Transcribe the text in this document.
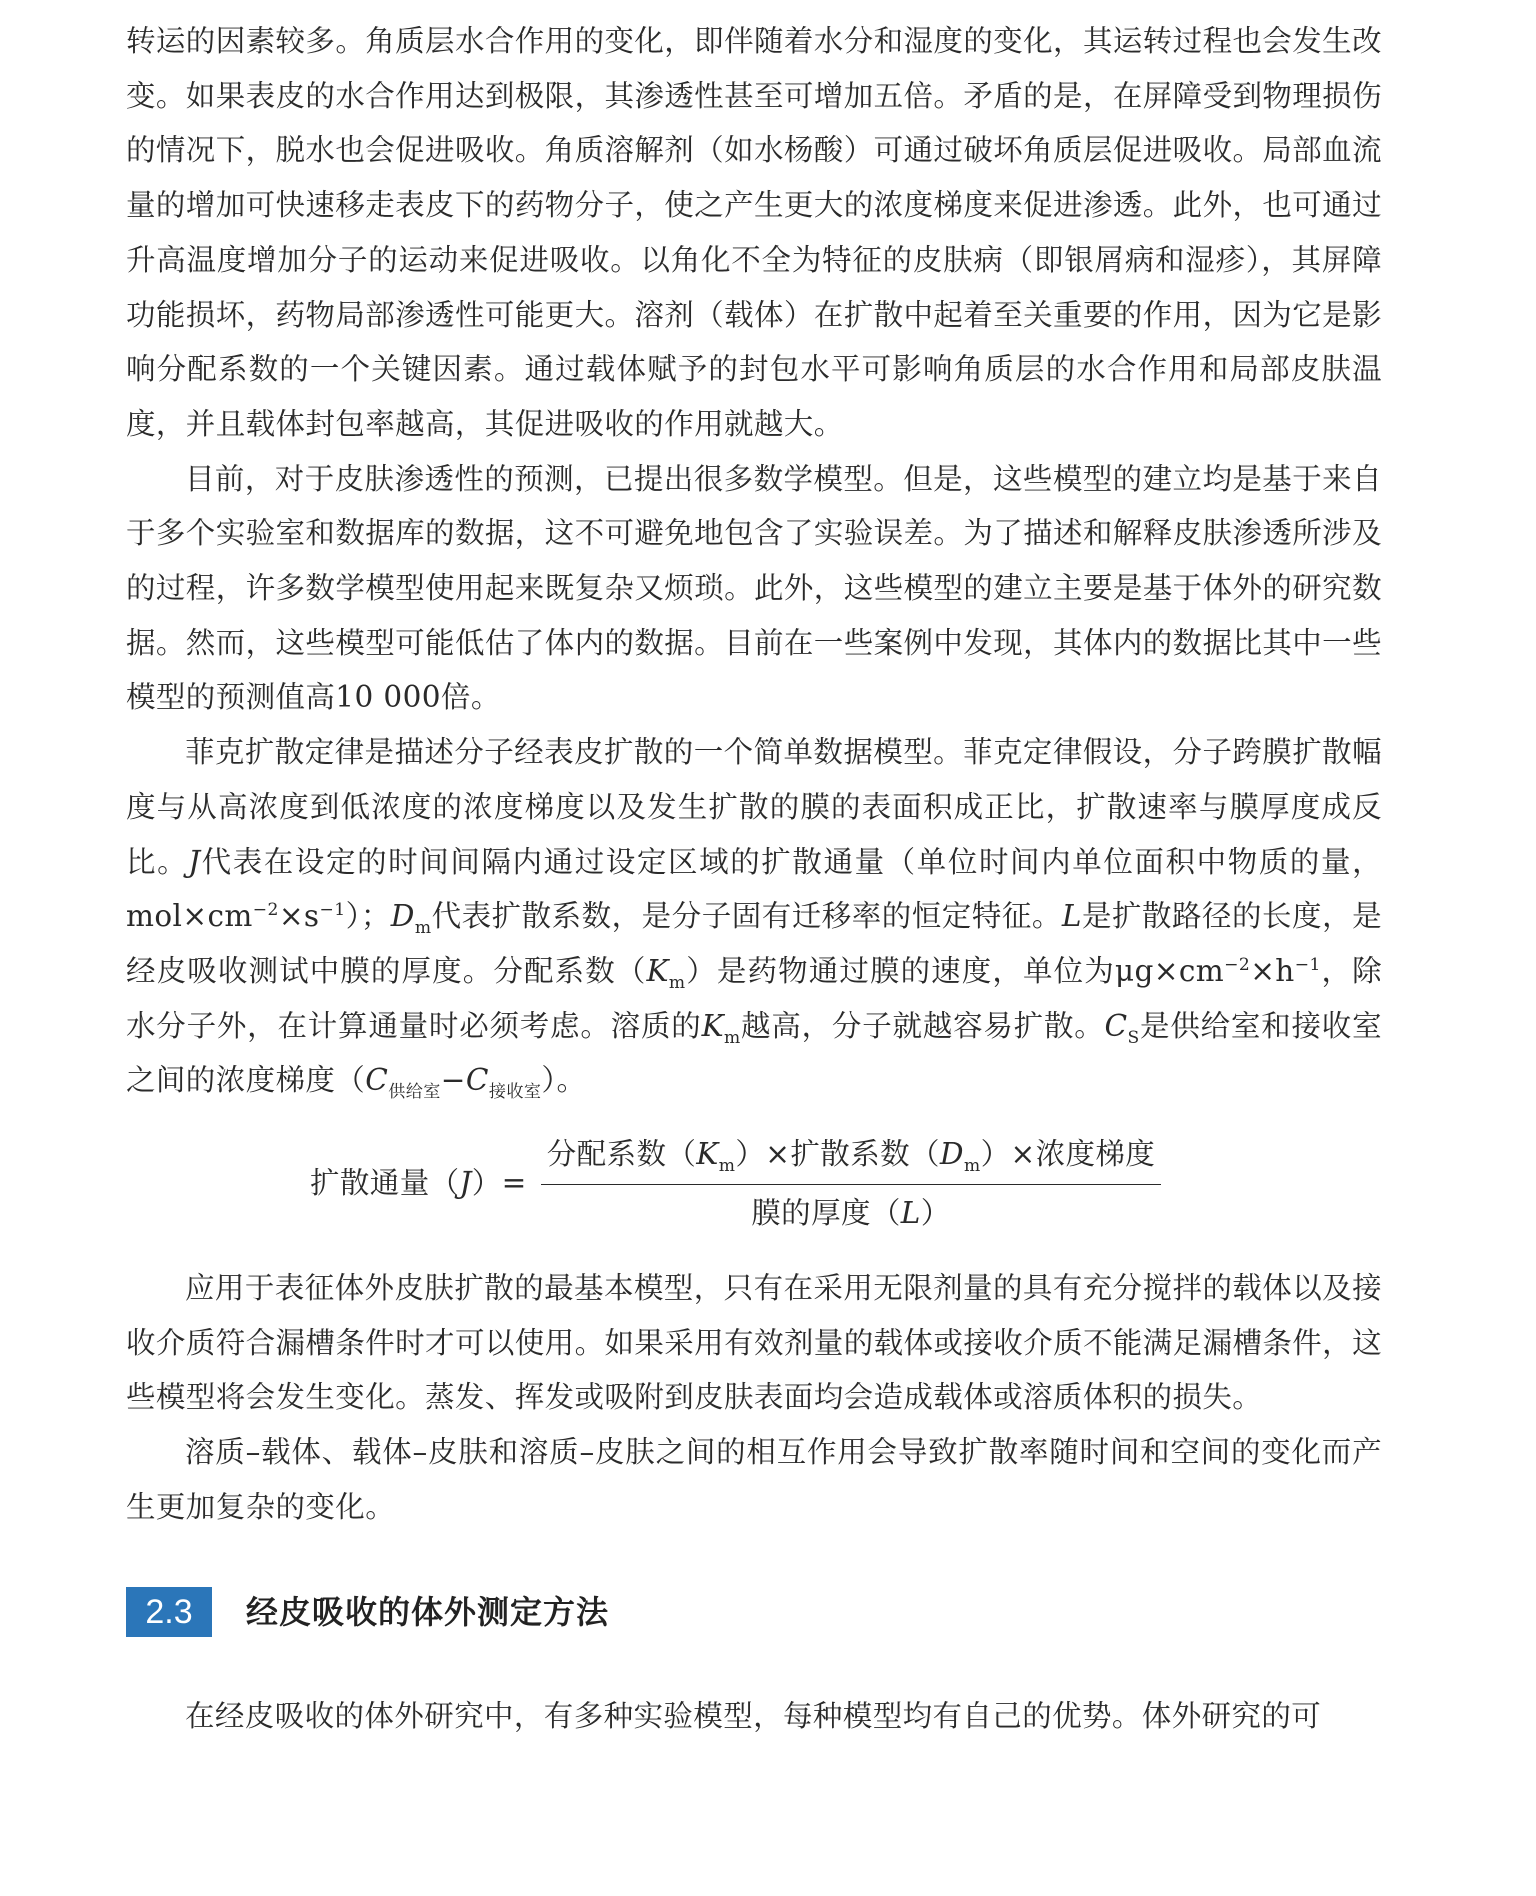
转运的因素较多。角质层水合作用的变化，即伴随着水分和湿度的变化，其运转过程也会发生改变。如果表皮的水合作用达到极限，其渗透性甚至可增加五倍。矛盾的是，在屏障受到物理损伤的情况下，脱水也会促进吸收。角质溶解剂（如水杨酸）可通过破坏角质层促进吸收。局部血流量的增加可快速移走表皮下的药物分子，使之产生更大的浓度梯度来促进渗透。此外，也可通过升高温度增加分子的运动来促进吸收。以角化不全为特征的皮肤病（即银屑病和湿疹），其屏障功能损坏，药物局部渗透性可能更大。溶剂（载体）在扩散中起着至关重要的作用，因为它是影响分配系数的一个关键因素。通过载体赋予的封包水平可影响角质层的水合作用和局部皮肤温度，并且载体封包率越高，其促进吸收的作用就越大。

目前，对于皮肤渗透性的预测，已提出很多数学模型。但是，这些模型的建立均是基于来自于多个实验室和数据库的数据，这不可避免地包含了实验误差。为了描述和解释皮肤渗透所涉及的过程，许多数学模型使用起来既复杂又烦琐。此外，这些模型的建立主要是基于体外的研究数据。然而，这些模型可能低估了体内的数据。目前在一些案例中发现，其体内的数据比其中一些模型的预测值高10 000倍。

菲克扩散定律是描述分子经表皮扩散的一个简单数据模型。菲克定律假设，分子跨膜扩散幅度与从高浓度到低浓度的浓度梯度以及发生扩散的膜的表面积成正比，扩散速率与膜厚度成反比。J代表在设定的时间间隔内通过设定区域的扩散通量（单位时间内单位面积中物质的量，$mol\times cm^{-2}\times s^{-1}$）；$D_m$代表扩散系数，是分子固有迁移率的恒定特征。L是扩散路径的长度，是经皮吸收测试中膜的厚度。分配系数$(K_m)$是药物通过膜的速度，单位为$\mu g\times cm^{-2}\times h^{-1}$，除水分子外，在计算通量时必须考虑。溶质的$K_m$越高，分子就越容易扩散。$C_S$是供给室和接收室之间的浓度梯度$(C_{供给室}-C_{接收室})$。

扩散通量$(J)= \frac{分配系数(K_m)\times 扩散系数(D_m)\times 浓度梯度}{\text{膜的厚度（L）}}$

应用于表征体外皮肤扩散的最基本模型，只有在采用无限剂量的具有充分搅拌的载体以及接收介质符合漏槽条件时才可以使用。如果采用有效剂量的载体或接收介质不能满足漏槽条件，这些模型将会发生变化。蒸发、挥发或吸附到皮肤表面均会造成载体或溶质体积的损失。

溶质–载体、载体–皮肤和溶质–皮肤之间的相互作用会导致扩散率随时间和空间的变化而产生更加复杂的变化。

2.3	经皮吸收的体外测定方法

在经皮吸收的体外研究中，有多种实验模型，每种模型均有自己的优势。体外研究的可
